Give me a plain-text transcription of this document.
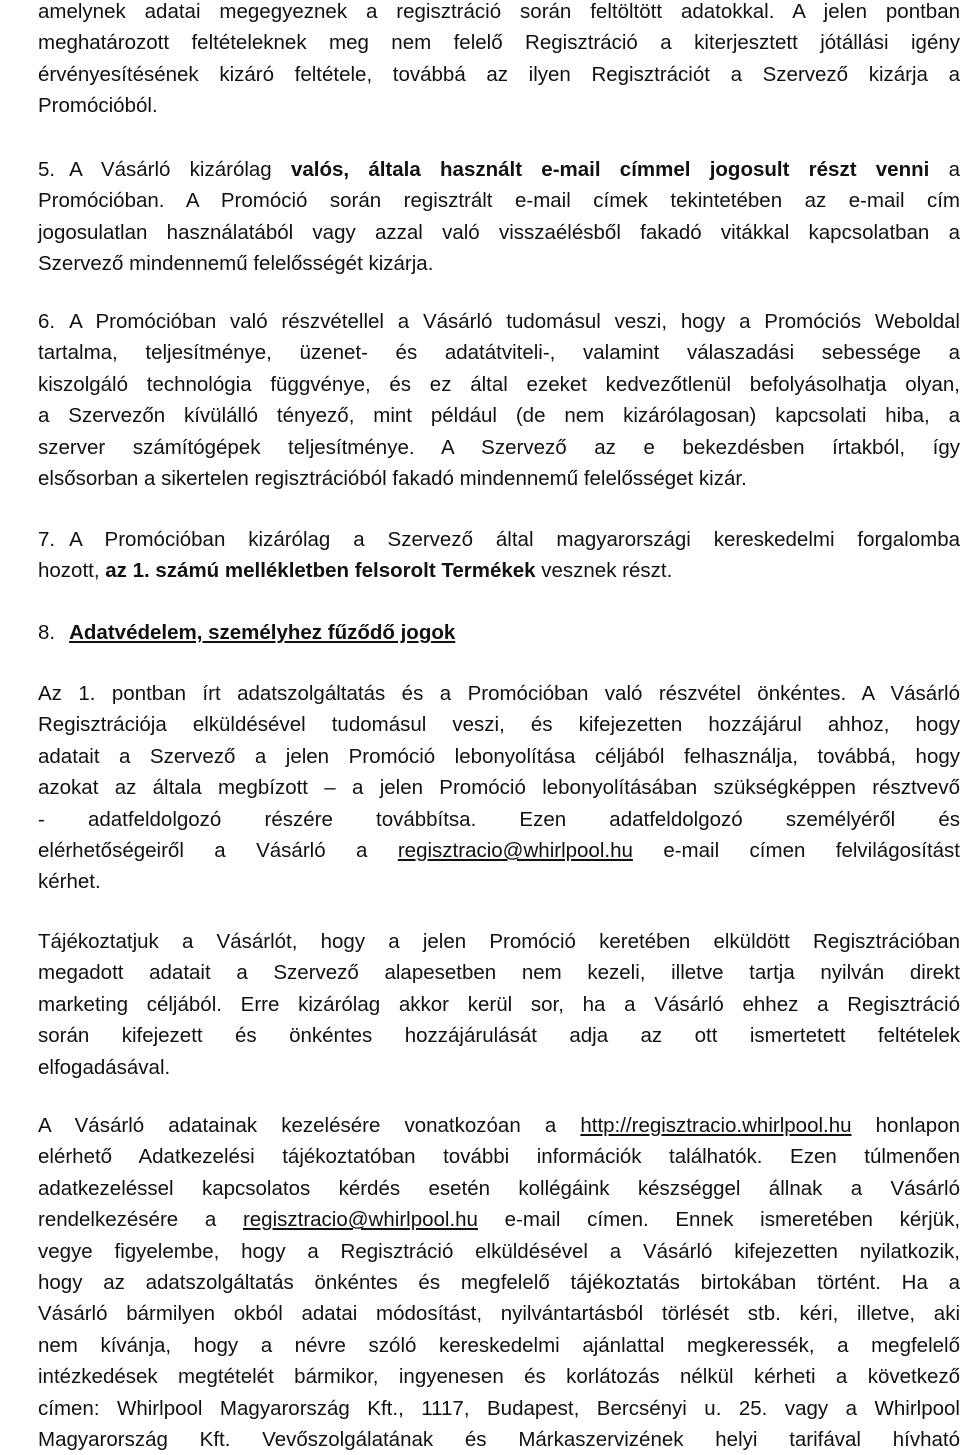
amelynek adatai megegyeznek a regisztráció során feltöltött adatokkal. A jelen pontban
meghatározott feltételeknek meg nem felelő Regisztráció a kiterjesztett jótállási igény
érvényesítésének kizáró feltétele, továbbá az ilyen Regisztrációt a Szervező kizárja a
Promócióból.
5. A Vásárló kizárólag valós, általa használt e-mail címmel jogosult részt venni a
Promócióban. A Promóció során regisztrált e-mail címek tekintetében az e-mail cím
jogosulatlan használatából vagy azzal való visszaélésből fakadó vitákkal kapcsolatban a
Szervező mindennemű felelősségét kizárja.
6. A Promócióban való részvétellel a Vásárló tudomásul veszi, hogy a Promóciós Weboldal
tartalma, teljesítménye, üzenet- és adatátviteli-, valamint válaszadási sebessége a
kiszolgáló technológia függvénye, és ez által ezeket kedvezőtlenül befolyásolhatja olyan,
a Szervezőn kívülálló tényező, mint például (de nem kizárólagosan) kapcsolati hiba, a
szerver számítógépek teljesítménye. A Szervező az e bekezdésben írtakból, így
elsősorban a sikertelen regisztrációból fakadó mindennemű felelősséget kizár.
7. A Promócióban kizárólag a Szervező által magyarországi kereskedelmi forgalomba
hozott, az 1. számú mellékletben felsorolt Termékek vesznek részt.
8. Adatvédelem, személyhez fűződő jogok
Az 1. pontban írt adatszolgáltatás és a Promócióban való részvétel önkéntes. A Vásárló
Regisztrációja elküldésével tudomásul veszi, és kifejezetten hozzájárul ahhoz, hogy
adatait a Szervező a jelen Promóció lebonyolítása céljából felhasználja, továbbá, hogy
azokat az általa megbízott – a jelen Promóció lebonyolításában szükségképpen résztvevő
- adatfeldolgozó részére továbbítsa. Ezen adatfeldolgozó személyéről és
elérhetőségeiről a Vásárló a regisztracio@whirlpool.hu e-mail címen felvilágosítást
kérhet.
Tájékoztatjuk a Vásárlót, hogy a jelen Promóció keretében elküldött Regisztrációban
megadott adatait a Szervező alapesetben nem kezeli, illetve tartja nyilván direkt
marketing céljából. Erre kizárólag akkor kerül sor, ha a Vásárló ehhez a Regisztráció
során kifejezett és önkéntes hozzájárulását adja az ott ismertetett feltételek
elfogadásával.
A Vásárló adatainak kezelésére vonatkozóan a http://regisztracio.whirlpool.hu honlapon
elérhető Adatkezelési tájékoztatóban további információk találhatók. Ezen túlmenően
adatkezeléssel kapcsolatos kérdés esetén kollégáink készséggel állnak a Vásárló
rendelkezésére a regisztracio@whirlpool.hu e-mail címen. Ennek ismeretében kérjük,
vegye figyelembe, hogy a Regisztráció elküldésével a Vásárló kifejezetten nyilatkozik,
hogy az adatszolgáltatás önkéntes és megfelelő tájékoztatás birtokában történt. Ha a
Vásárló bármilyen okból adatai módosítást, nyilvántartásból törlését stb. kéri, illetve, aki
nem kívánja, hogy a névre szóló kereskedelmi ajánlattal megkeressék, a megfelelő
intézkedések megtételét bármikor, ingyenesen és korlátozás nélkül kérheti a következő
címen: Whirlpool Magyarország Kft., 1117, Budapest, Bercsényi u. 25. vagy a Whirlpool
Magyarország Kft. Vevőszolgálatának és Márkaszervizének helyi tarifával hívható
